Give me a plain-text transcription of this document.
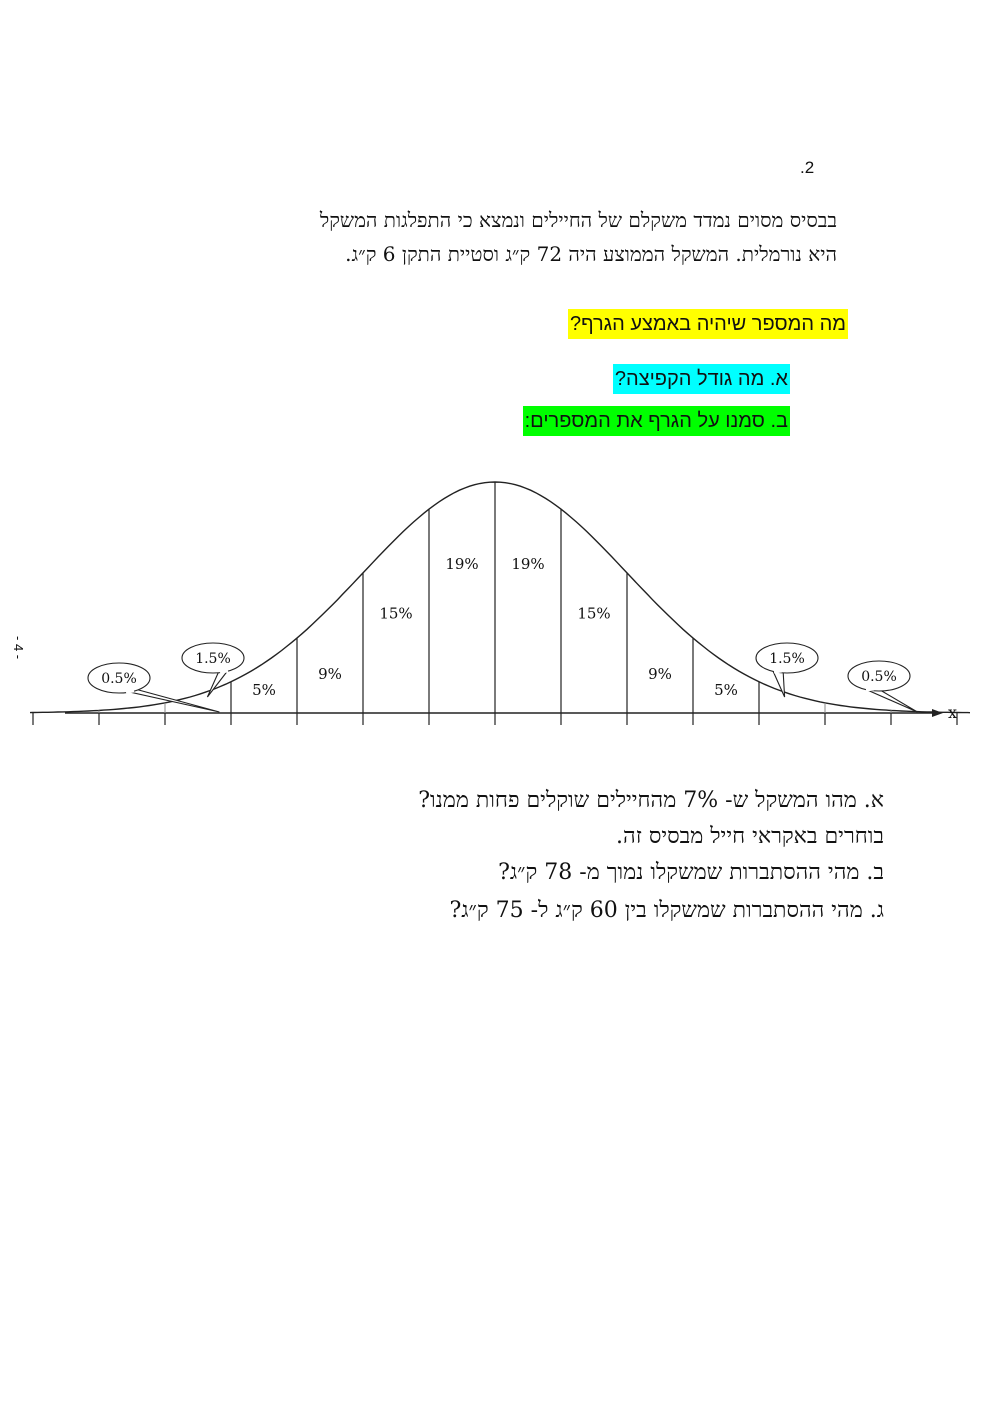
.2
בבסיס מסוים נמדד משקלם של החיילים ונמצא כי התפלגות המשקל
היא נורמלית. המשקל הממוצע היה 72 ק״ג וסטיית התקן 6 ק״ג.
מה המספר שיהיה באמצע הגרף?
א. מה גודל הקפיצה?
ב. סמנו על הגרף את המספרים:
- 4 -
x
5%
9%
15%
19% 19%
15%
9%
5%
0.5%
1.5%	1.5%
0.5%
א. מהו המשקל ש- 7% מהחיילים שוקלים פחות ממנו?
בוחרים באקראי חייל מבסיס זה.
ב. מהי ההסתברות שמשקלו נמוך מ- 78 ק״ג?
ג. מהי ההסתברות שמשקלו בין 60 ק״ג ל- 75 ק״ג?
